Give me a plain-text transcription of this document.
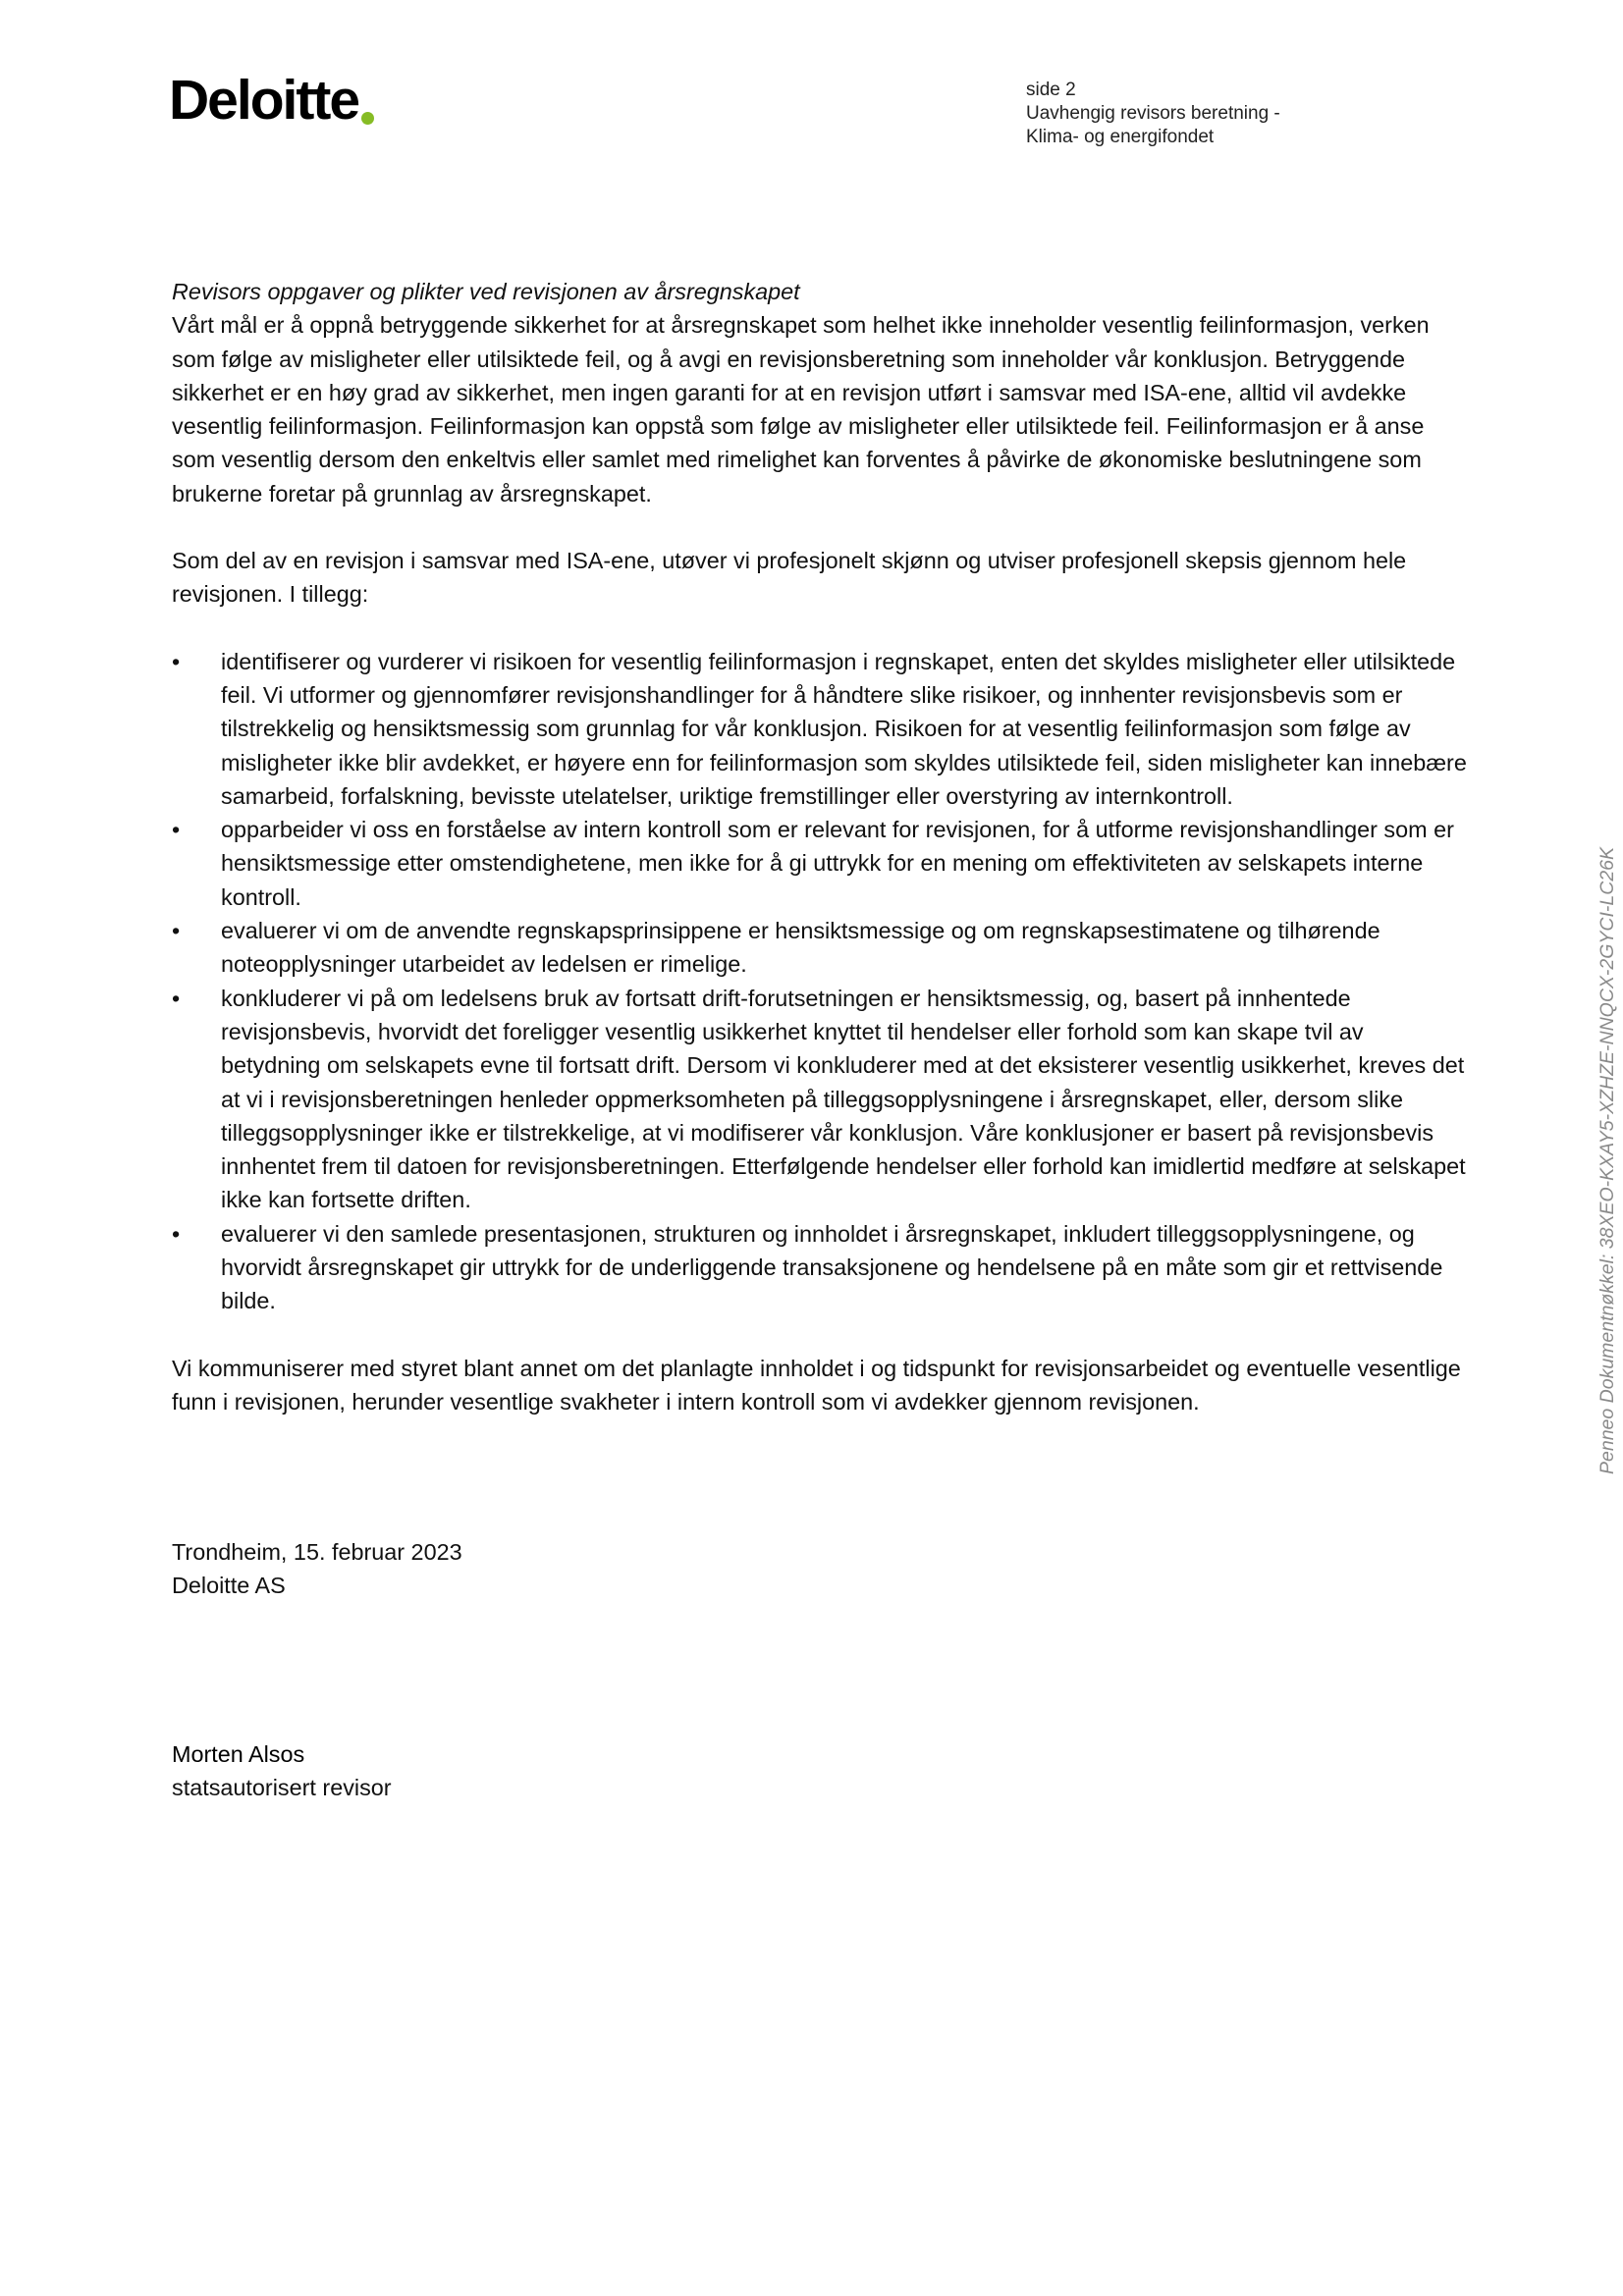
Deloitte	side 2
Uavhengig revisors beretning -
Klima- og energifondet
Revisors oppgaver og plikter ved revisjonen av årsregnskapet
Vårt mål er å oppnå betryggende sikkerhet for at årsregnskapet som helhet ikke inneholder vesentlig feilinformasjon, verken som følge av misligheter eller utilsiktede feil, og å avgi en revisjonsberetning som inneholder vår konklusjon. Betryggende sikkerhet er en høy grad av sikkerhet, men ingen garanti for at en revisjon utført i samsvar med ISA-ene, alltid vil avdekke vesentlig feilinformasjon. Feilinformasjon kan oppstå som følge av misligheter eller utilsiktede feil. Feilinformasjon er å anse som vesentlig dersom den enkeltvis eller samlet med rimelighet kan forventes å påvirke de økonomiske beslutningene som brukerne foretar på grunnlag av årsregnskapet.
Som del av en revisjon i samsvar med ISA-ene, utøver vi profesjonelt skjønn og utviser profesjonell skepsis gjennom hele revisjonen. I tillegg:
• identifiserer og vurderer vi risikoen for vesentlig feilinformasjon i regnskapet, enten det skyldes misligheter eller utilsiktede feil. Vi utformer og gjennomfører revisjonshandlinger for å håndtere slike risikoer, og innhenter revisjonsbevis som er tilstrekkelig og hensiktsmessig som grunnlag for vår konklusjon. Risikoen for at vesentlig feilinformasjon som følge av misligheter ikke blir avdekket, er høyere enn for feilinformasjon som skyldes utilsiktede feil, siden misligheter kan innebære samarbeid, forfalskning, bevisste utelatelser, uriktige fremstillinger eller overstyring av internkontroll.
• opparbeider vi oss en forståelse av intern kontroll som er relevant for revisjonen, for å utforme revisjonshandlinger som er hensiktsmessige etter omstendighetene, men ikke for å gi uttrykk for en mening om effektiviteten av selskapets interne kontroll.
• evaluerer vi om de anvendte regnskapsprinsippene er hensiktsmessige og om regnskapsestimatene og tilhørende noteopplysninger utarbeidet av ledelsen er rimelige.
• konkluderer vi på om ledelsens bruk av fortsatt drift-forutsetningen er hensiktsmessig, og, basert på innhentede revisjonsbevis, hvorvidt det foreligger vesentlig usikkerhet knyttet til hendelser eller forhold som kan skape tvil av betydning om selskapets evne til fortsatt drift. Dersom vi konkluderer med at det eksisterer vesentlig usikkerhet, kreves det at vi i revisjonsberetningen henleder oppmerksomheten på tilleggsopplysningene i årsregnskapet, eller, dersom slike tilleggsopplysninger ikke er tilstrekkelige, at vi modifiserer vår konklusjon. Våre konklusjoner er basert på revisjonsbevis innhentet frem til datoen for revisjonsberetningen. Etterfølgende hendelser eller forhold kan imidlertid medføre at selskapet ikke kan fortsette driften.
• evaluerer vi den samlede presentasjonen, strukturen og innholdet i årsregnskapet, inkludert tilleggsopplysningene, og hvorvidt årsregnskapet gir uttrykk for de underliggende transaksjonene og hendelsene på en måte som gir et rettvisende bilde.
Vi kommuniserer med styret blant annet om det planlagte innholdet i og tidspunkt for revisjonsarbeidet og eventuelle vesentlige funn i revisjonen, herunder vesentlige svakheter i intern kontroll som vi avdekker gjennom revisjonen.
Trondheim, 15. februar 2023
Deloitte AS
Morten Alsos
statsautorisert revisor
Penneo Dokumentnøkkel: 38XEO-KXAY5-XZHZE-NNQCX-2GYCI-LC26K
